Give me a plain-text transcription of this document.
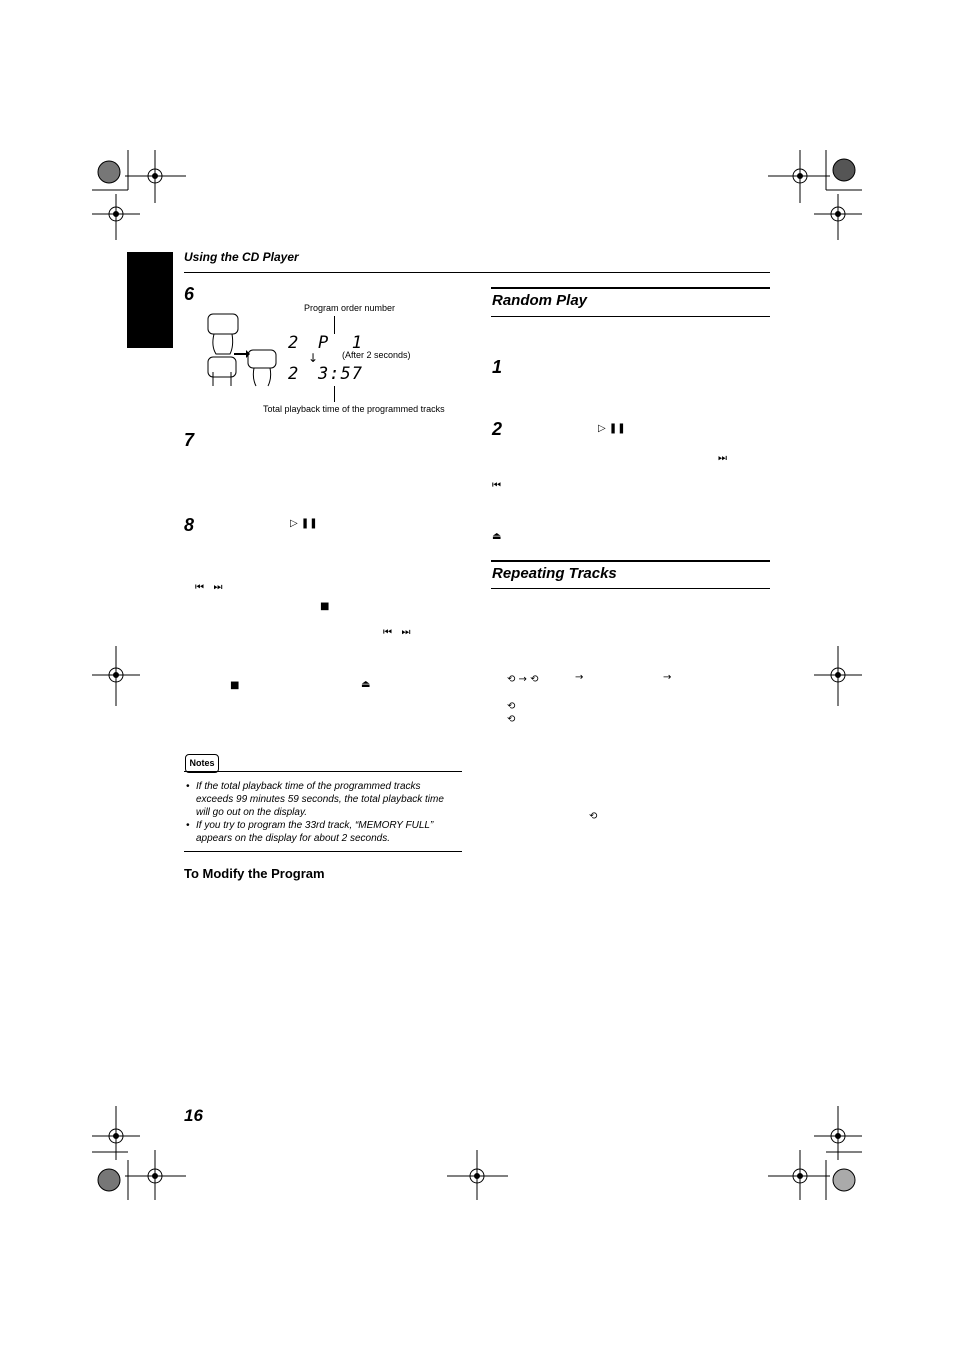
Using the CD Player
6
Program order number
2 P  1
↓	(After 2 seconds)
2 3:57
Total playback time of the programmed tracks
7
8	▷ ❚❚
⏮   ⏭
■
⏮   ⏭
■	⏏
Notes
• If the total playback time of the programmed tracks exceeds 99 minutes 59 seconds, the total playback time will go out on the display.
• If you try to program the 33rd track, “MEMORY FULL” appears on the display for about 2 seconds.
To Modify the Program
16
Random Play
1
2	▷ ❚❚
⏭
⏮
⏏
Repeating Tracks
⟲ → ⟲	→	→
⟲
⟲
⟲
